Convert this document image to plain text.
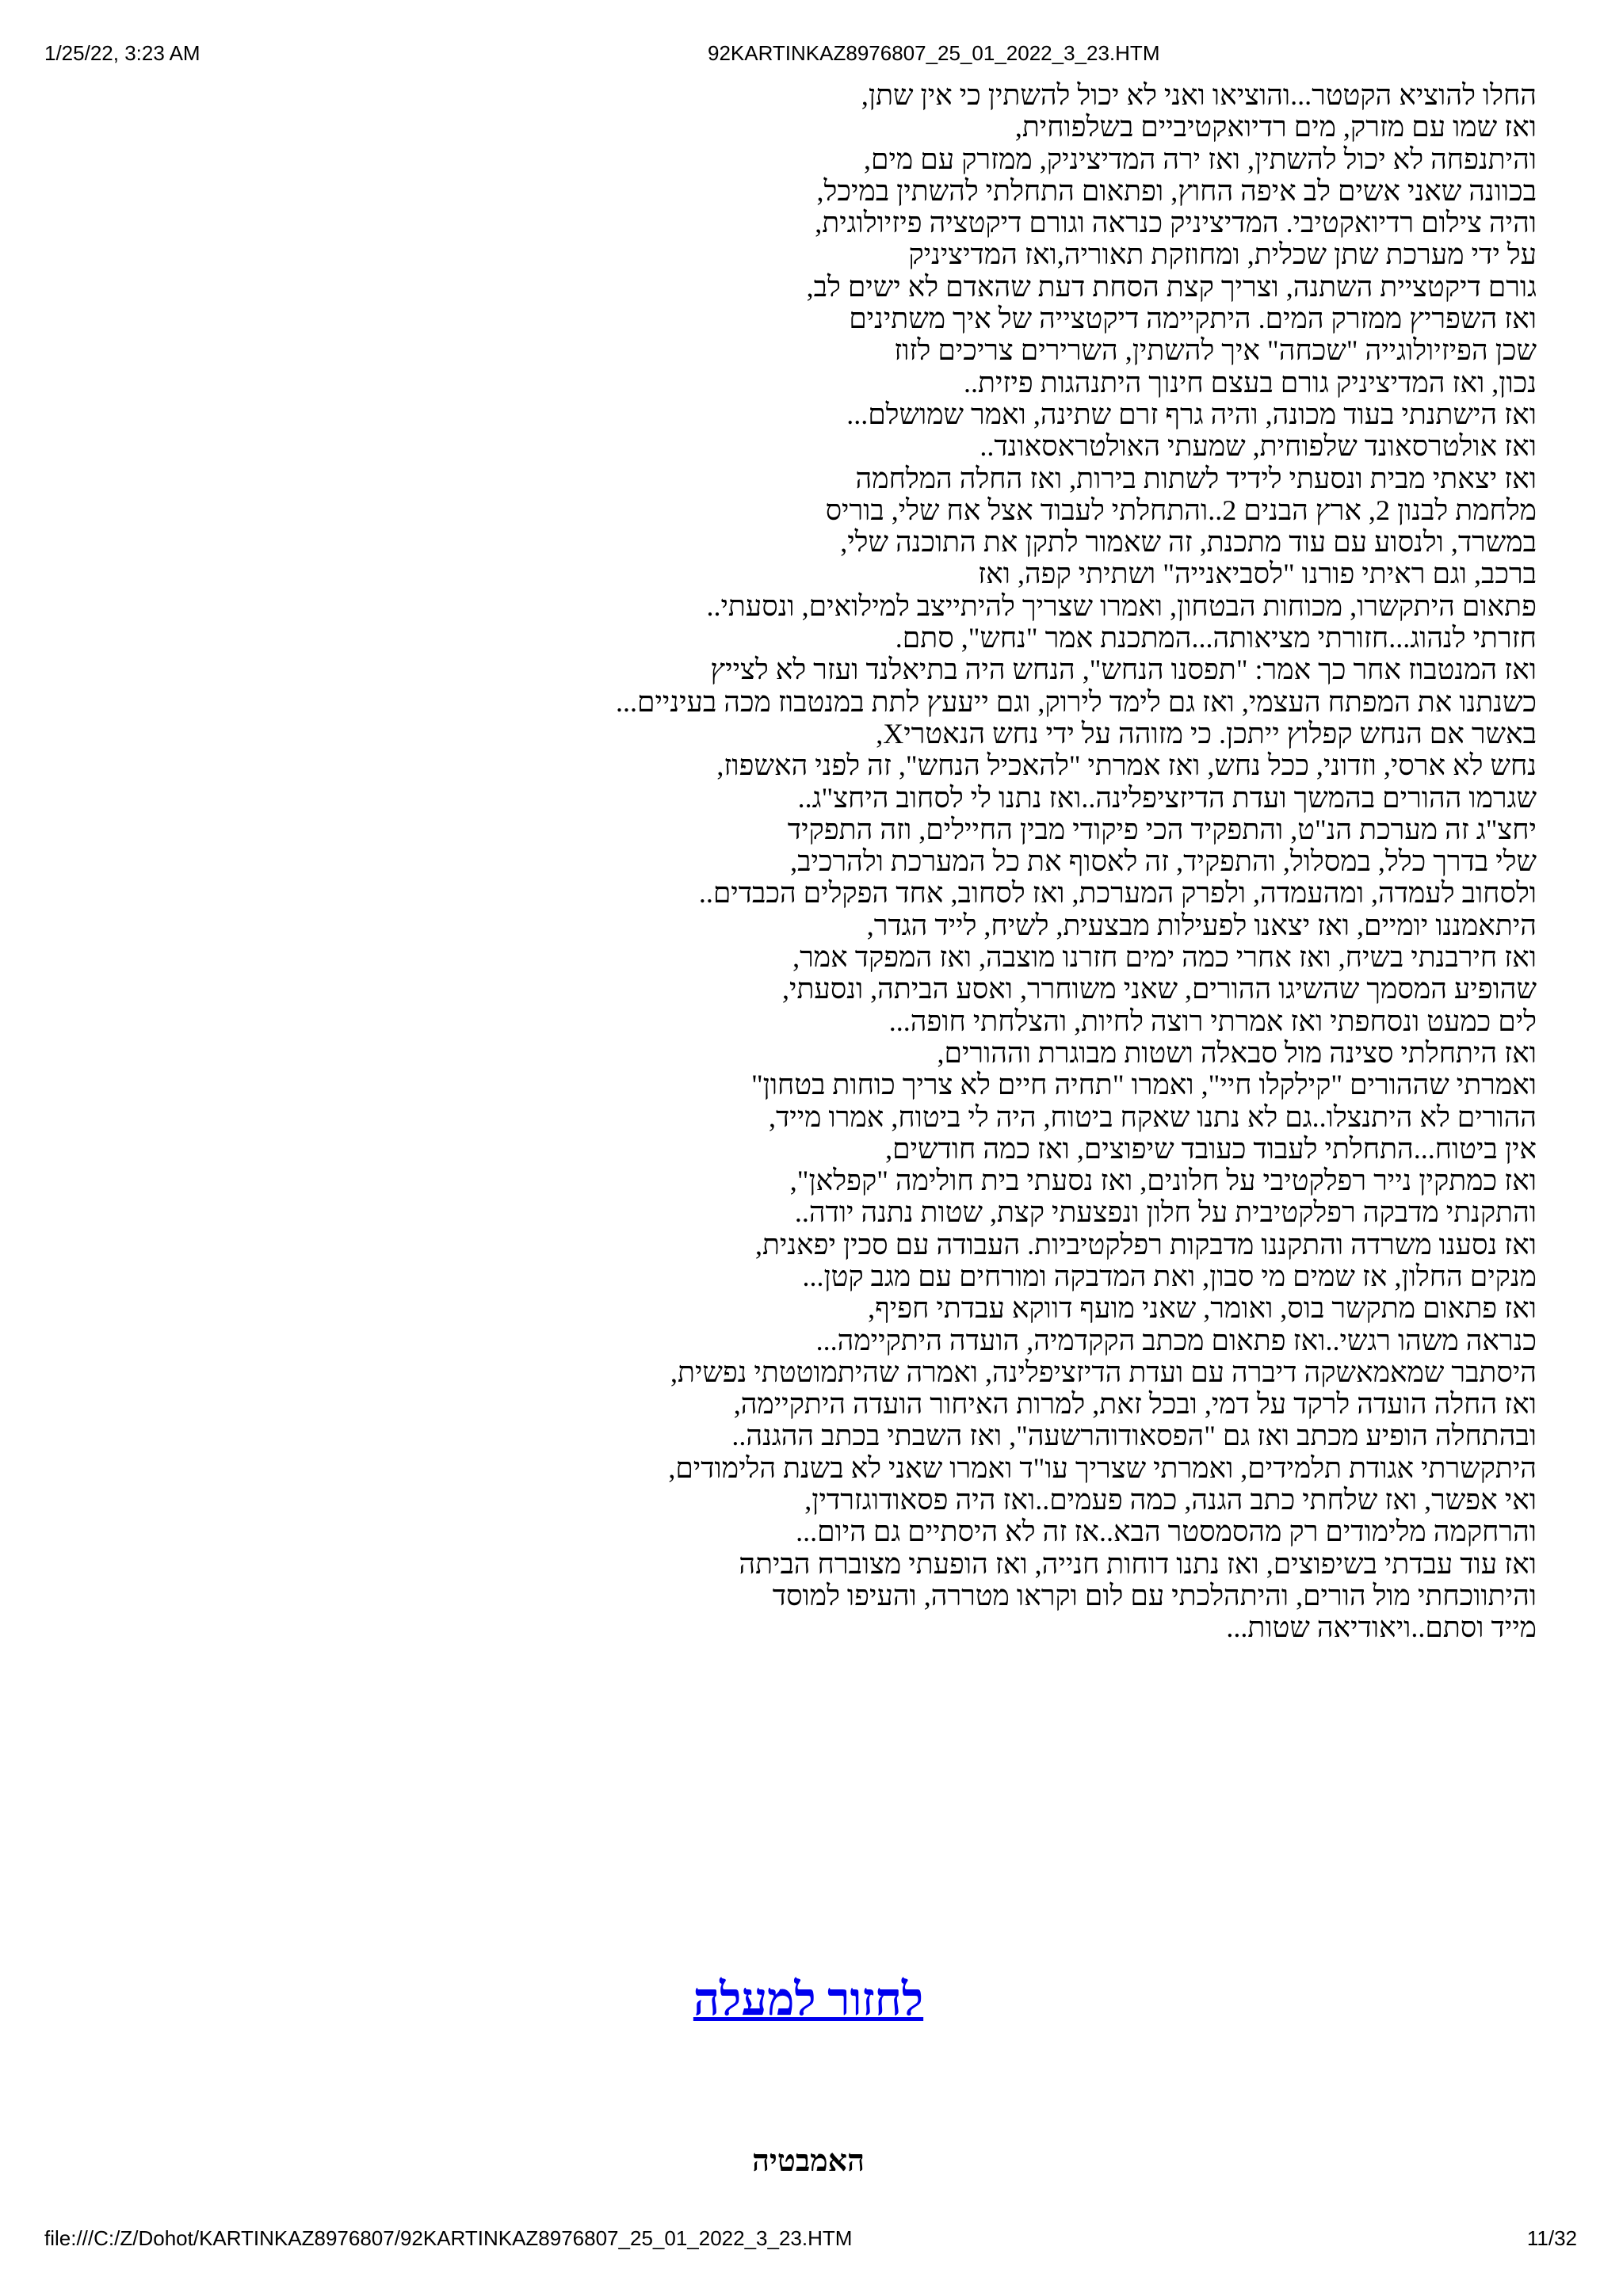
1/25/22, 3:23 AM	92KARTINKAZ8976807_25_01_2022_3_23.HTM
החלו להוציא הקטטר...והוציאו ואני לא יכול להשתין כי אין שתן,
ואז שמו עם מזרק, מים רדיואקטיביים בשלפוחית,
והיתנפחה לא יכול להשתין, ואז ירה המדיציניק, ממזרק עם מים,
בכוונה שאני אשים לב איפה החוץ, ופתאום התחלתי להשתין במיכל,
והיה צילום רדיואקטיבי. המדיציניק כנראה וגורם דיקטציה פיזיולוגית,
על ידי מערכת שתן שכלית, ומחוזקת תאוריה,ואז המדיציניק
גורם דיקטציית השתנה, וצריך קצת הסחת דעת שהאדם לא ישים לב,
ואז השפריץ ממזרק המים. היתקיימה דיקטצייה של איך משתינים
שכן הפיזיולוגייה "שכחה" איך להשתין, השרירים צריכים לזוז
נכון, ואז המדיציניק גורם בעצם חינוך היתנהגות פיזית..
ואז הישתנתי בעוד מכונה, והיה גרף זרם שתינה, ואמר שמושלם...
ואז אולטרסאונד שלפוחית, שמעתי האולטראסאונד..
ואז יצאתי מבית ונסעתי לידיד לשתות בירות, ואז החלה המלחמה
מלחמת לבנון 2, ארץ הבנים 2..והתחלתי לעבוד אצל אח שלי, בוריס
במשרד, ולנסוע עם עוד מתכנת, זה שאמור לתקן את התוכנה שלי,
ברכב, וגם ראיתי פורנו "לסביאנייה" ושתיתי קפה, ואז
פתאום היתקשרו, מכוחות הבטחון, ואמרו שצריך להיתייצב למילואים, ונסעתי..
חזרתי לנהוג...חזורתי מציאותה...המתכנת אמר "נחש", סתם.
ואז המנטבוז אחר כך אמר: "תפסנו הנחש", הנחש היה בתיאלנד ועזר לא לצייץ
כשנתנו את המפתח העצמי, ואז גם לימד לירוק, וגם ייעעץ לתת במנטבוז מכה בעיניים...
באשר אם הנחש קפלוץ ייתכן. כי מזוהה על ידי נחש הנאטריX,
נחש לא ארסי, וזדוני, ככל נחש, ואז אמרתי "להאכיל הנחש", זה לפני האשפוז,
שגרמו ההורים בהמשך ועדת הדיזציפלינה..ואז נתנו לי לסחוב היחצ"ג..
יחצ"ג זה מערכת הנ"ט, והתפקיד הכי פיקודי מבין החיילים, וזה התפקיד
שלי בדרך כלל, במסלול, והתפקיד, זה לאסוף את כל המערכת ולהרכיב,
ולסחוב לעמדה, ומהעמדה, ולפרק המערכת, ואז לסחוב, אחד הפקלים הכבדים..
היתאמננו יומיים, ואז יצאנו לפעילות מבצעית, לשיח, לייד הגדר,
ואז חירבנתי בשיח, ואז אחרי כמה ימים חזרנו מוצבה, ואז המפקד אמר,
שהופיע המסמך שהשיגו ההורים, שאני משוחרר, ואסע הביתה, ונסעתי,
לים כמעט ונסחפתי ואז אמרתי רוצה לחיות, והצלחתי חופה...
ואז היתחלתי סצינה מול סבאלה ושטות מבוגרת וההורים,
ואמרתי שההורים "קילקלו חיי", ואמרו "תחיה חיים לא צריך כוחות בטחון"
ההורים לא היתנצלו..גם לא נתנו שאקח ביטוח, היה לי ביטוח, אמרו מייד,
אין ביטוח...התחלתי לעבוד כעובד שיפוצים, ואז כמה חודשים,
ואז כמתקין נייר רפלקטיבי על חלונים, ואז נסעתי בית חולימה "קפלאן",
והתקנתי מדבקה רפלקטיבית על חלון ונפצעתי קצת, שטות נתנה יודה..
ואז נסענו משרדה והתקננו מדבקות רפלקטיביות. העבודה עם סכין יפאנית,
מנקים החלון, אז שמים מי סבון, ואת המדבקה ומורחים עם מגב קטן...
ואז פתאום מתקשר בוס, ואומר, שאני מועף דווקא עבדתי חפיף,
כנראה משהו רגשי..ואז פתאום מכתב הקקדמיה, הועדה היתקיימה...
היסתבר שמאמאשקה דיברה עם ועדת הדיזציפלינה, ואמרה שהיתמוטטתי נפשית,
ואז החלה הועדה לרקד על דמי, ובכל זאת, למרות האיחור הועדה היתקיימה,
ובהתחלה הופיע מכתב ואז גם "הפסאודוהרשעה", ואז השבתי בכתב ההגנה..
היתקשרתי אגודת תלמידים, ואמרתי שצריך עו"ד ואמרו שאני לא בשנת הלימודים,
ואי אפשר, ואז שלחתי כתב הגנה, כמה פעמים..ואז היה פסאודוגזרדין,
והרחקמה מלימודים רק מהסמסטר הבא..אז זה לא היסתיים גם היום...
ואז עוד עבדתי בשיפוצים, ואז נתנו דוחות חנייה, ואז הופעתי מצוברח הביתה
והיתווכחתי מול הורים, והיתהלכתי עם לום וקראו מטררה, והעיפו למוסד
מייד וסתם..ויאודיאה שטות...
לחזור למעלה
האמבטיה
file:///C:/Z/Dohot/KARTINKAZ8976807/92KARTINKAZ8976807_25_01_2022_3_23.HTM	11/32
